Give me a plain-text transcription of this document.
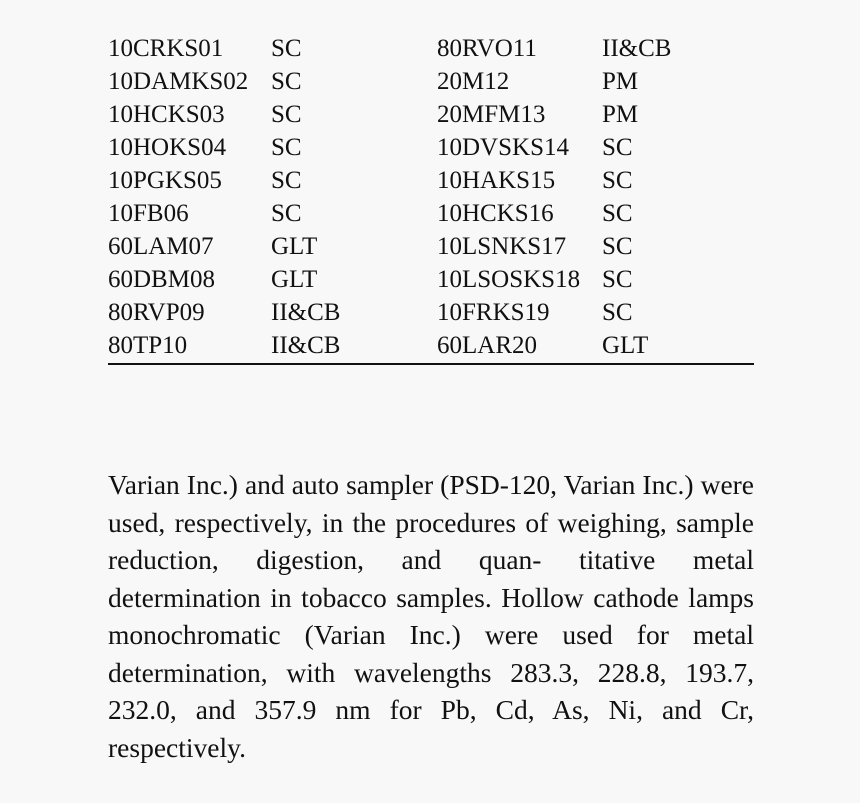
10CRKS01	SC	80RVO11	II&CB
10DAMKS02 SC	20M12	PM
10HCKS03	SC	20MFM13	PM
10HOKS04	SC	10DVSKS14	SC
10PGKS05	SC	10HAKS15	SC
10FB06	SC	10HCKS16	SC
60LAM07	GLT	10LSNKS17	SC
60DBM08	GLT	10LSOSKS18 SC
80RVP09	II&CB	10FRKS19	SC
80TP10	II&CB	60LAR20	GLT
Varian Inc.) and auto sampler (PSD-120, Varian Inc.) were used, respectively, in the procedures of weighing, sample reduction, digestion, and quan- titative metal determination in tobacco samples. Hollow cathode lamps monochromatic (Varian Inc.) were used for metal determination, with wavelengths 283.3, 228.8, 193.7, 232.0, and 357.9 nm for Pb, Cd, As, Ni, and Cr, respectively.
